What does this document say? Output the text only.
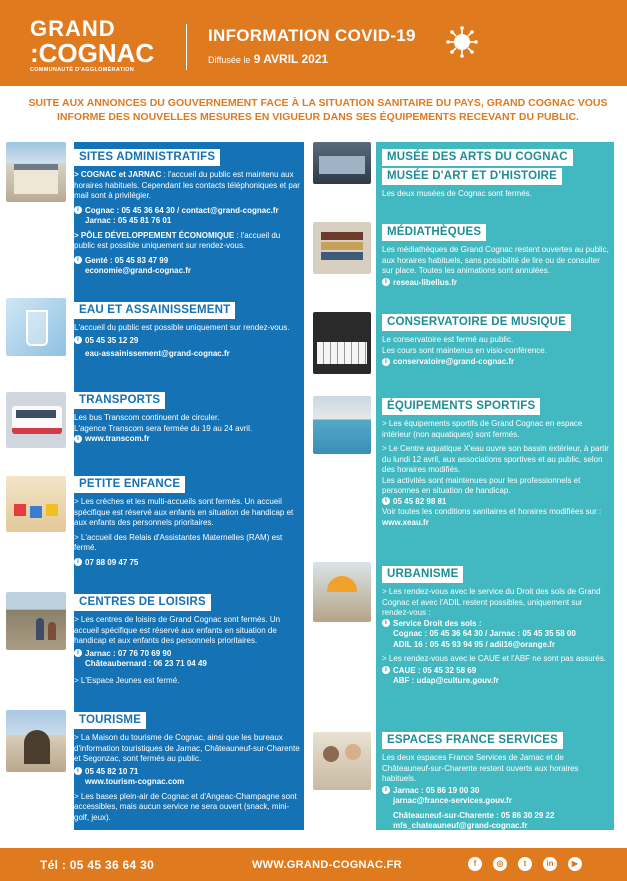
GRAND
:COGNAC
COMMUNAUTÉ D'AGGLOMÉRATION
INFORMATION COVID-19
Diffusée le 9 AVRIL 2021
SUITE AUX ANNONCES DU GOUVERNEMENT FACE À LA SITUATION SANITAIRE DU PAYS, GRAND COGNAC VOUS INFORME DES NOUVELLES MESURES EN VIGUEUR DANS SES ÉQUIPEMENTS RECEVANT DU PUBLIC.
SITES ADMINISTRATIFS

> COGNAC et JARNAC : l'accueil du public est maintenu aux horaires habituels. Cependant les contacts téléphoniques et par mail sont à privilégier.

i Cognac : 05 45 36 64 30 / contact@grand-cognac.fr

Jarnac : 05 45 81 76 01

> PÔLE DÉVELOPPEMENT ÉCONOMIQUE : l'accueil du public est possible uniquement sur rendez-vous.

i Genté : 05 45 83 47 99

economie@grand-cognac.fr

EAU ET ASSAINISSEMENT

L'accueil du public est possible uniquement sur rendez-vous.

i 05 45 35 12 29

eau-assainissement@grand-cognac.fr

TRANSPORTS

Les bus Transcom continuent de circuler.

L'agence Transcom sera fermée du 19 au 24 avril.

i www.transcom.fr

PETITE ENFANCE

> Les crèches et les multi-accueils sont fermés. Un accueil spécifique est réservé aux enfants en situation de handicap et aux enfants des personnels prioritaires.

> L'accueil des Relais d'Assistantes Maternelles (RAM) est fermé.

i 07 88 09 47 75

CENTRES DE LOISIRS

> Les centres de loisirs de Grand Cognac sont fermés. Un accueil spécifique est réservé aux enfants en situation de handicap et aux enfants des personnels prioritaires.

i Jarnac : 07 76 70 69 90

Châteaubernard : 06 23 71 04 49

> L'Espace Jeunes est fermé.

TOURISME

> La Maison du tourisme de Cognac, ainsi que les bureaux d'information touristiques de Jarnac, Châteauneuf-sur-Charente et Segonzac, sont fermés au public.

i 05 45 82 10 71

www.tourism-cognac.com

> Les bases plein-air de Cognac et d'Angeac-Champagne sont accessibles, mais aucun service ne sera ouvert (snack, mini-golf, jeux).

MUSÉE DES ARTS DU COGNAC
MUSÉE D'ART ET D'HISTOIRE

Les deux musées de Cognac sont fermés.

MÉDIATHÈQUES

Les médiathèques de Grand Cognac restent ouvertes au public, aux horaires habituels, sans possibilité de lire ou de consulter sur place. Toutes les animations sont annulées.

i reseau-libellus.fr

CONSERVATOIRE DE MUSIQUE

Le conservatoire est fermé au public.

Les cours sont maintenus en visio-conférence.

i conservatoire@grand-cognac.fr

ÉQUIPEMENTS SPORTIFS

> Les équipements sportifs de Grand Cognac en espace intérieur (non aquatiques) sont fermés.

> Le Centre aquatique X'eau ouvre son bassin extérieur, à partir du lundi 12 avril, aux associations sportives et au public, selon des horaires modifiés.

Les activités sont maintenues pour les professionnels et personnes en situation de handicap.

i 05 45 82 98 81

Voir toutes les conditions sanitaires et horaires modifiées sur : www.xeau.fr

URBANISME

> Les rendez-vous avec le service du Droit des sols de Grand Cognac et avec l'ADIL restent possibles, uniquement sur rendez-vous :

i Service Droit des sols :

Cognac : 05 45 36 64 30 / Jarnac : 05 45 35 58 00

ADIL 16 : 05 45 93 94 95 / adil16@orange.fr

> Les rendez-vous avec le CAUE et l'ABF ne sont pas assurés.

i CAUE : 05 45 32 58 69

ABF : udap@culture.gouv.fr

ESPACES FRANCE SERVICES

Les deux espaces France Services de Jarnac et de Châteauneuf-sur-Charente restent ouverts aux horaires habituels.

i Jarnac : 05 86 19 00 30

jarnac@france-services.gouv.fr

Châteauneuf-sur-Charente : 05 86 30 29 22

mfs_chateauneuf@grand-cognac.fr

Tél : 05 45 36 64 30	WWW.GRAND-COGNAC.FR	f	◎	t	in	▶
